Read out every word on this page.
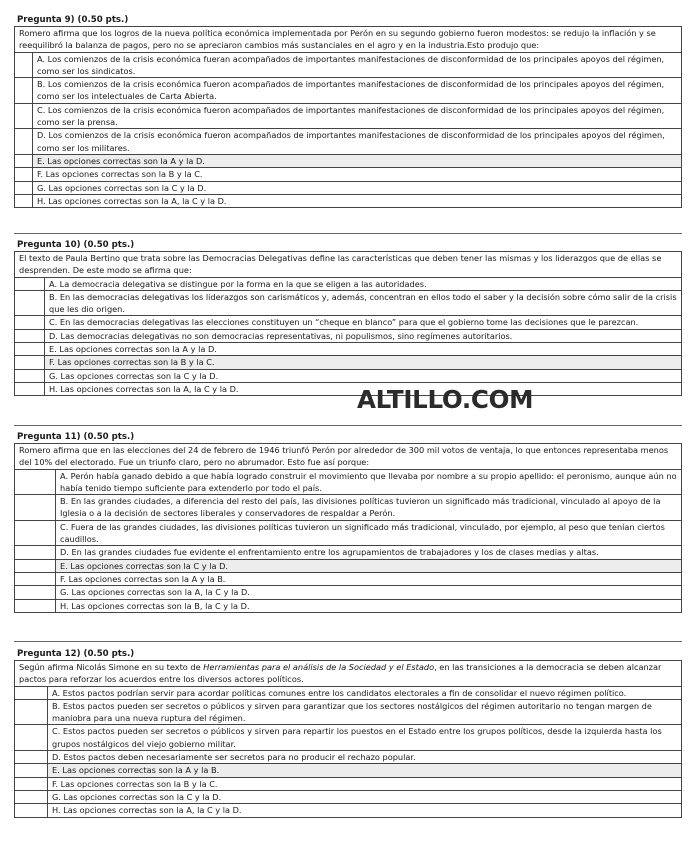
Pregunta 9) (0.50 pts.)
Romero afirma que los logros de la nueva política económica implementada por Perón en su segundo gobierno fueron modestos: se redujo la inflación y se reequilibró la balanza de pagos, pero no se apreciaron cambios más sustanciales en el agro y en la industria.Esto produjo que:
A. Los comienzos de la crisis económica fueran acompañados de importantes manifestaciones de disconformidad de los principales apoyos del régimen, como ser los sindicatos.
B. Los comienzos de la crisis económica fueron acompañados de importantes manifestaciones de disconformidad de los principales apoyos del régimen, como ser los intelectuales de Carta Abierta.
C. Los comienzos de la crisis económica fueron acompañados de importantes manifestaciones de disconformidad de los principales apoyos del régimen, como ser la prensa.
D. Los comienzos de la crisis económica fueron acompañados de importantes manifestaciones de disconformidad de los principales apoyos del régimen, como ser los militares.
E. Las opciones correctas son la A y la D.
F. Las opciones correctas son la B y la C.
G. Las opciones correctas son la C y la D.
H. Las opciones correctas son la A, la C y la D.
Pregunta 10) (0.50 pts.)
El texto de Paula Bertino que trata sobre las Democracias Delegativas define las características que deben tener las mismas y los liderazgos que de ellas se desprenden. De este modo se afirma que:
A. La democracia delegativa se distingue por la forma en la que se eligen a las autoridades.
B. En las democracias delegativas los liderazgos son carismáticos y, además, concentran en ellos todo el saber y la decisión sobre cómo salir de la crisis que les dio origen.
C. En las democracias delegativas las elecciones constituyen un “cheque en blanco” para que el gobierno tome las decisiones que le parezcan.
D. Las democracias delegativas no son democracias representativas, ni populismos, sino regímenes autoritarios.
E. Las opciones correctas son la A y la D.
F. Las opciones correctas son la B y la C.
G. Las opciones correctas son la C y la D.
H. Las opciones correctas son la A, la C y la D.	ALTILLO.COM
Pregunta 11) (0.50 pts.)
Romero afirma que en las elecciones del 24 de febrero de 1946 triunfó Perón por alrededor de 300 mil votos de ventaja, lo que entonces representaba menos del 10% del electorado. Fue un triunfo claro, pero no abrumador. Esto fue así porque:
A. Perón había ganado debido a que había logrado construir el movimiento que llevaba por nombre a su propio apellido: el peronismo, aunque aún no había tenido tiempo suficiente para extenderlo por todo el país.
B. En las grandes ciudades, a diferencia del resto del país, las divisiones políticas tuvieron un significado más tradicional, vinculado al apoyo de la Iglesia o a la decisión de sectores liberales y conservadores de respaldar a Perón.
C. Fuera de las grandes ciudades, las divisiones políticas tuvieron un significado más tradicional, vinculado, por ejemplo, al peso que tenían ciertos caudillos.
D. En las grandes ciudades fue evidente el enfrentamiento entre los agrupamientos de trabajadores y los de clases medias y altas.
E. Las opciones correctas son la C y la D.
F. Las opciones correctas son la A y la B.
G. Las opciones correctas son la A, la C y la D.
H. Las opciones correctas son la B, la C y la D.
Pregunta 12) (0.50 pts.)
Según afirma Nicolás Simone en su texto de Herramientas para el análisis de la Sociedad y el Estado, en las transiciones a la democracia se deben alcanzar pactos para reforzar los acuerdos entre los diversos actores políticos.
A. Estos pactos podrían servir para acordar políticas comunes entre los candidatos electorales a fin de consolidar el nuevo régimen político.
B. Estos pactos pueden ser secretos o públicos y sirven para garantizar que los sectores nostálgicos del régimen autoritario no tengan margen de maniobra para una nueva ruptura del régimen.
C. Estos pactos pueden ser secretos o públicos y sirven para repartir los puestos en el Estado entre los grupos políticos, desde la izquierda hasta los grupos nostálgicos del viejo gobierno militar.
D. Estos pactos deben necesariamente ser secretos para no producir el rechazo popular.
E. Las opciones correctas son la A y la B.
F. Las opciones correctas son la B y la C.
G. Las opciones correctas son la C y la D.
H. Las opciones correctas son la A, la C y la D.
